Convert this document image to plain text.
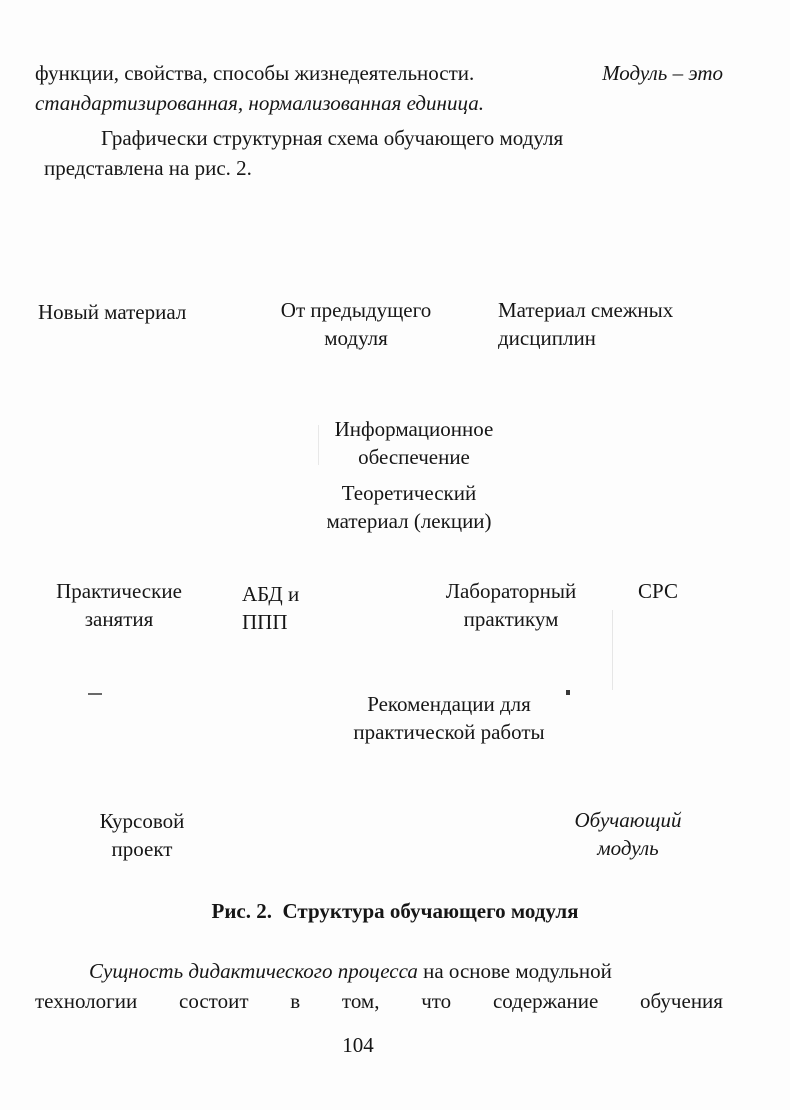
функции, свойства, способы жизнедеятельности.	Модуль – это
стандартизированная, нормализованная единица.
Графически структурная схема обучающего модуля
представлена на рис. 2.
Новый материал	От предыдущего
модуля
Материал смежных
дисциплин
Информационное
обеспечение
Теоретический
материал (лекции)
Практические
занятия
АБД и
ППП
Лабораторный
практикум
СРС
Рекомендации для
практической работы
Курсовой
проект
Обучающий
модуль
Рис. 2.  Структура обучающего модуля
Сущность дидактического процесса на основе модульной
технологии состоит в том, что содержание обучения
104
